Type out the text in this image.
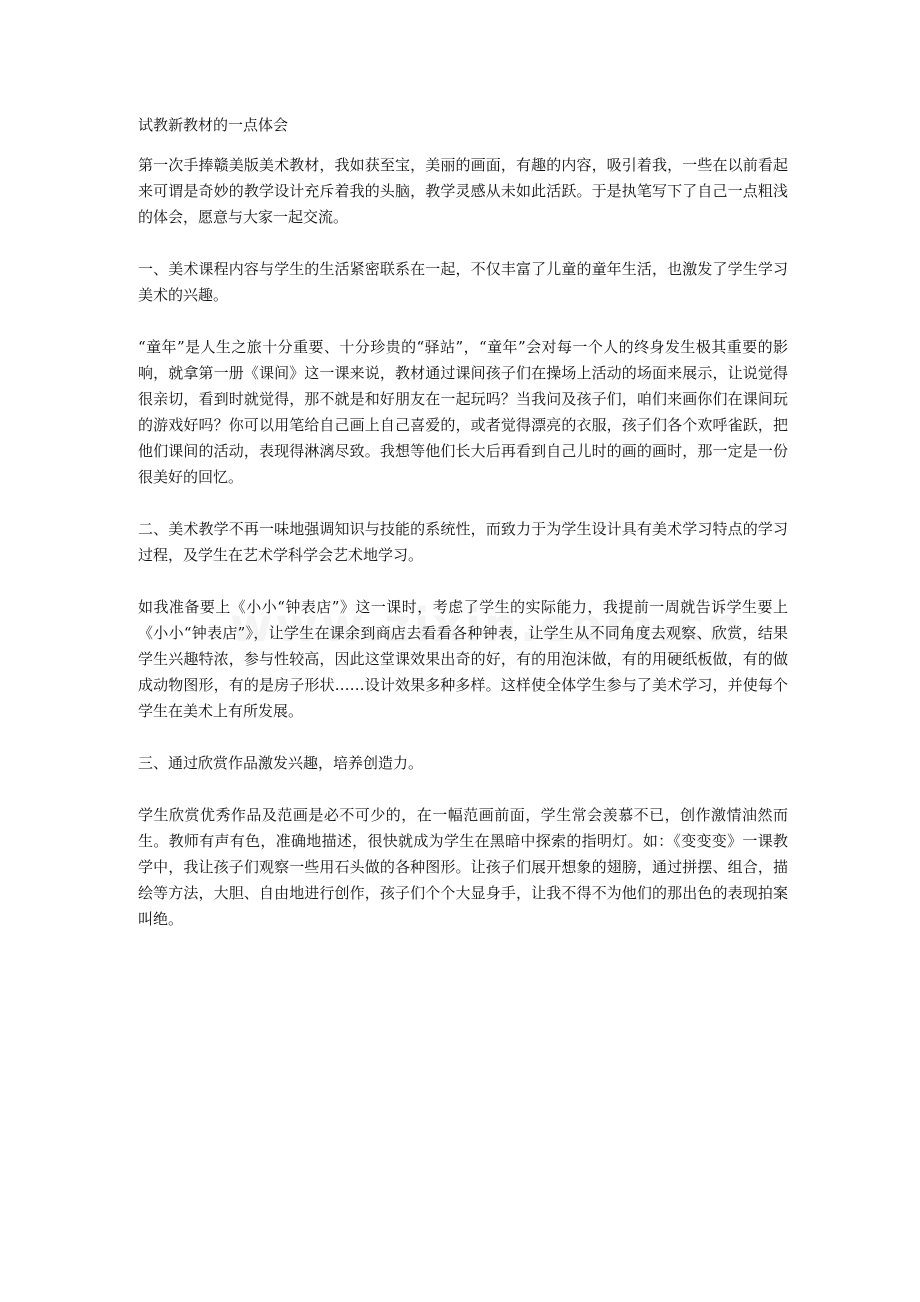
试教新教材的一点体会

第一次手捧赣美版美术教材，我如获至宝，美丽的画面，有趣的内容，吸引着我，一些在以前看起来可谓是奇妙的教学设计充斥着我的头脑，教学灵感从未如此活跃。于是执笔写下了自己一点粗浅的体会，愿意与大家一起交流。

一、美术课程内容与学生的生活紧密联系在一起，不仅丰富了儿童的童年生活，也激发了学生学习美术的兴趣。

“童年”是人生之旅十分重要、十分珍贵的“驿站”，“童年”会对每一个人的终身发生极其重要的影响，就拿第一册《课间》这一课来说，教材通过课间孩子们在操场上活动的场面来展示，让说觉得很亲切，看到时就觉得，那不就是和好朋友在一起玩吗？当我问及孩子们，咱们来画你们在课间玩的游戏好吗？你可以用笔给自己画上自己喜爱的，或者觉得漂亮的衣服，孩子们各个欢呼雀跃，把他们课间的活动，表现得淋漓尽致。我想等他们长大后再看到自己儿时的画的画时，那一定是一份很美好的回忆。

二、美术教学不再一味地强调知识与技能的系统性，而致力于为学生设计具有美术学习特点的学习过程，及学生在艺术学科学会艺术地学习。

如我准备要上《小小“钟表店”》这一课时，考虑了学生的实际能力，我提前一周就告诉学生要上《小小“钟表店”》，让学生在课余到商店去看看各种钟表，让学生从不同角度去观察、欣赏，结果学生兴趣特浓，参与性较高，因此这堂课效果出奇的好，有的用泡沫做，有的用硬纸板做，有的做成动物图形，有的是房子形状……设计效果多种多样。这样使全体学生参与了美术学习，并使每个学生在美术上有所发展。

三、通过欣赏作品激发兴趣，培养创造力。

学生欣赏优秀作品及范画是必不可少的，在一幅范画前面，学生常会羡慕不已，创作激情油然而生。教师有声有色，准确地描述，很快就成为学生在黑暗中探索的指明灯。如：《变变变》一课教学中，我让孩子们观察一些用石头做的各种图形。让孩子们展开想象的翅膀，通过拼摆、组合，描绘等方法，大胆、自由地进行创作，孩子们个个大显身手，让我不得不为他们的那出色的表现拍案叫绝。
